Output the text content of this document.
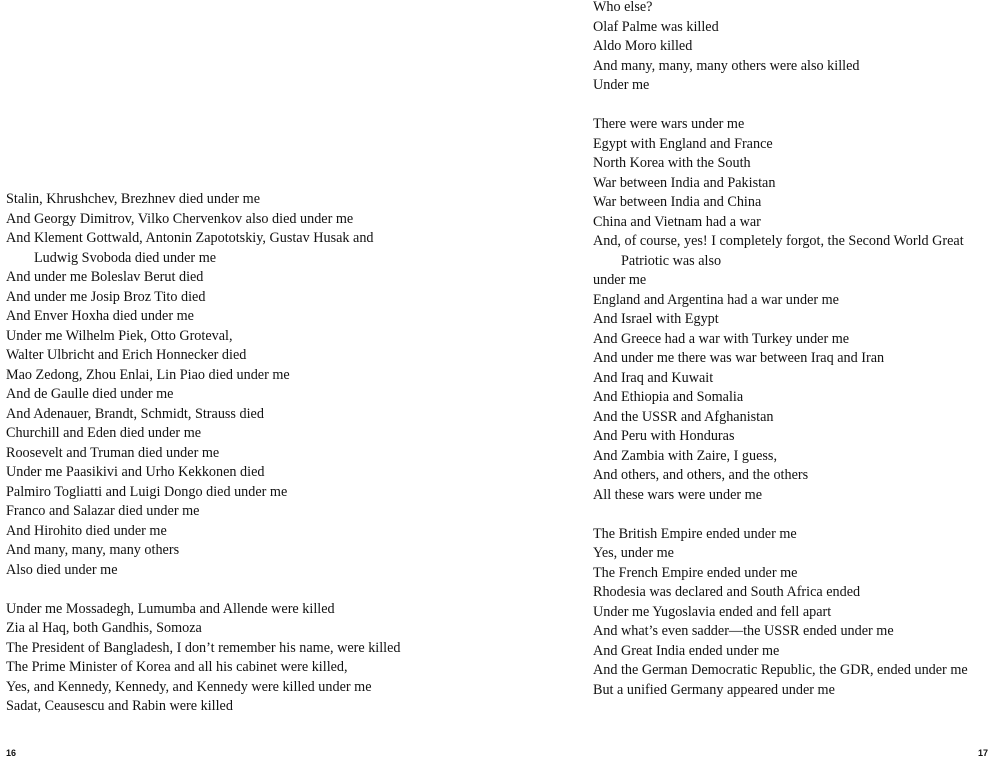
Stalin, Khrushchev, Brezhnev died under me
And Georgy Dimitrov, Vilko Chervenkov also died under me
And Klement Gottwald, Antonin Zapototskiy, Gustav Husak and
Ludwig Svoboda died under me
And under me Boleslav Berut died
And under me Josip Broz Tito died
And Enver Hoxha died under me
Under me Wilhelm Piek, Otto Groteval,
Walter Ulbricht and Erich Honnecker died
Mao Zedong, Zhou Enlai, Lin Piao died under me
And de Gaulle died under me
And Adenauer, Brandt, Schmidt, Strauss died
Churchill and Eden died under me
Roosevelt and Truman died under me
Under me Paasikivi and Urho Kekkonen died
Palmiro Togliatti and Luigi Dongo died under me
Franco and Salazar died under me
And Hirohito died under me
And many, many, many others
Also died under me
Under me Mossadegh, Lumumba and Allende were killed
Zia al Haq, both Gandhis, Somoza
The President of Bangladesh, I don’t remember his name, were killed
The Prime Minister of Korea and all his cabinet were killed,
Yes, and Kennedy, Kennedy, and Kennedy were killed under me
Sadat, Ceausescu and Rabin were killed
16
Who else?
Olaf Palme was killed
Aldo Moro killed
And many, many, many others were also killed
Under me
There were wars under me
Egypt with England and France
North Korea with the South
War between India and Pakistan
War between India and China
China and Vietnam had a war
And, of course, yes! I completely forgot, the Second World Great
Patriotic was also
under me
England and Argentina had a war under me
And Israel with Egypt
And Greece had a war with Turkey under me
And under me there was war between Iraq and Iran
And Iraq and Kuwait
And Ethiopia and Somalia
And the USSR and Afghanistan
And Peru with Honduras
And Zambia with Zaire, I guess,
And others, and others, and the others
All these wars were under me
The British Empire ended under me
Yes, under me
The French Empire ended under me
Rhodesia was declared and South Africa ended
Under me Yugoslavia ended and fell apart
And what’s even sadder—the USSR ended under me
And Great India ended under me
And the German Democratic Republic, the GDR, ended under me
But a unified Germany appeared under me
17
